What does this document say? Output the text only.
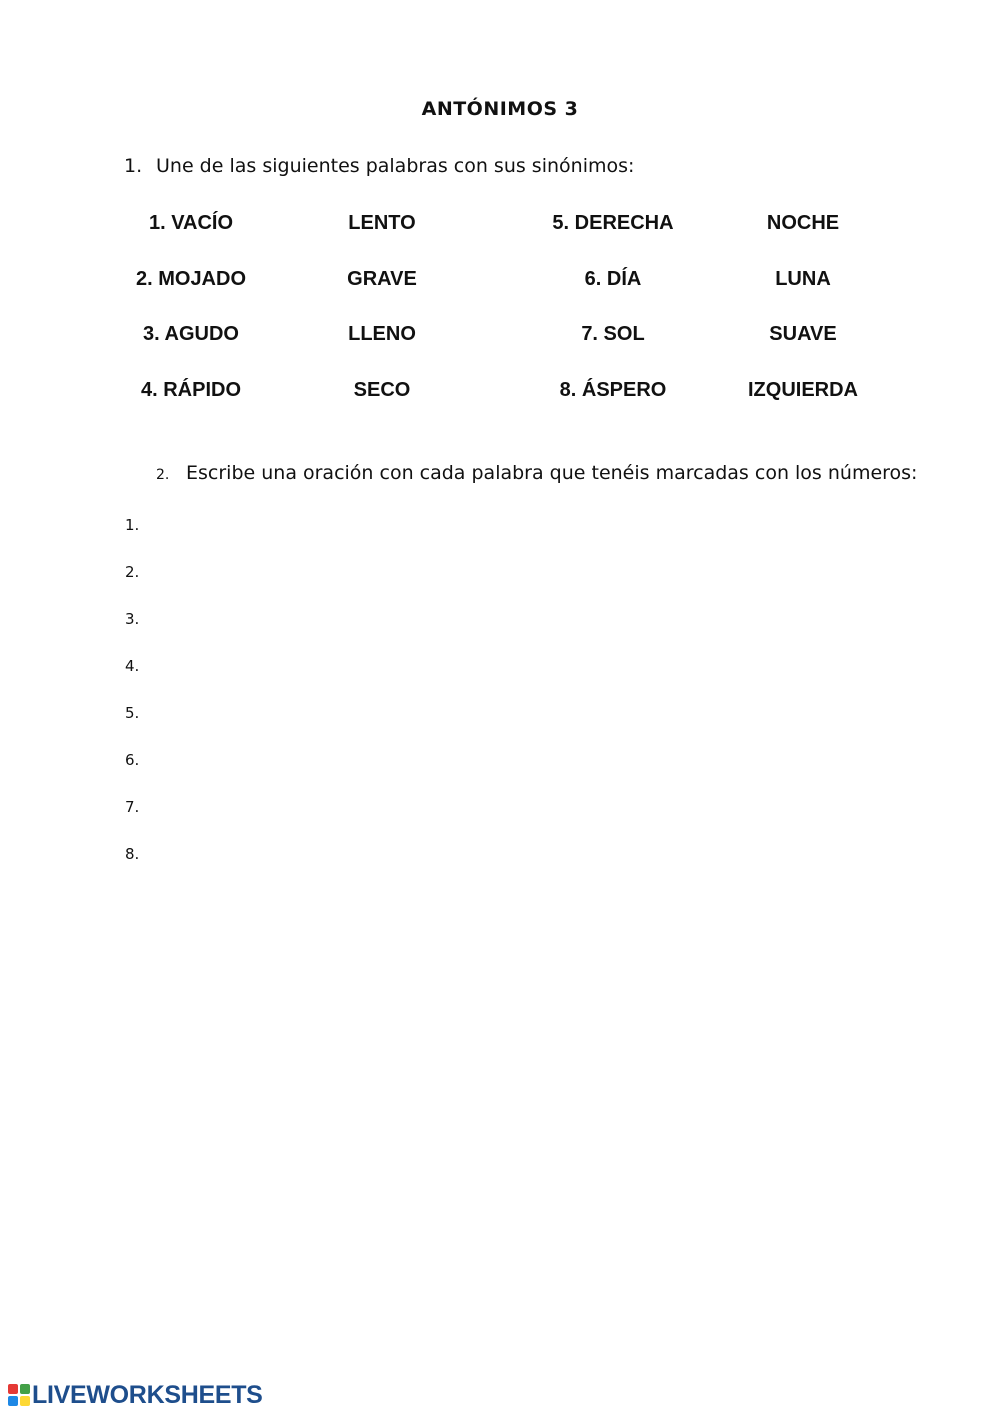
ANTÓNIMOS 3
1. Une de las siguientes palabras con sus sinónimos:
1. VACÍO	LENTO	5. DERECHA	NOCHE
2. MOJADO	GRAVE	6. DÍA	LUNA
3. AGUDO	LLENO	7. SOL	SUAVE
4. RÁPIDO	SECO	8. ÁSPERO	IZQUIERDA
2. Escribe una oración con cada palabra que tenéis marcadas con los números:
1.
2.
3.
4.
5.
6.
7.
8.
LIVEWORKSHEETS
